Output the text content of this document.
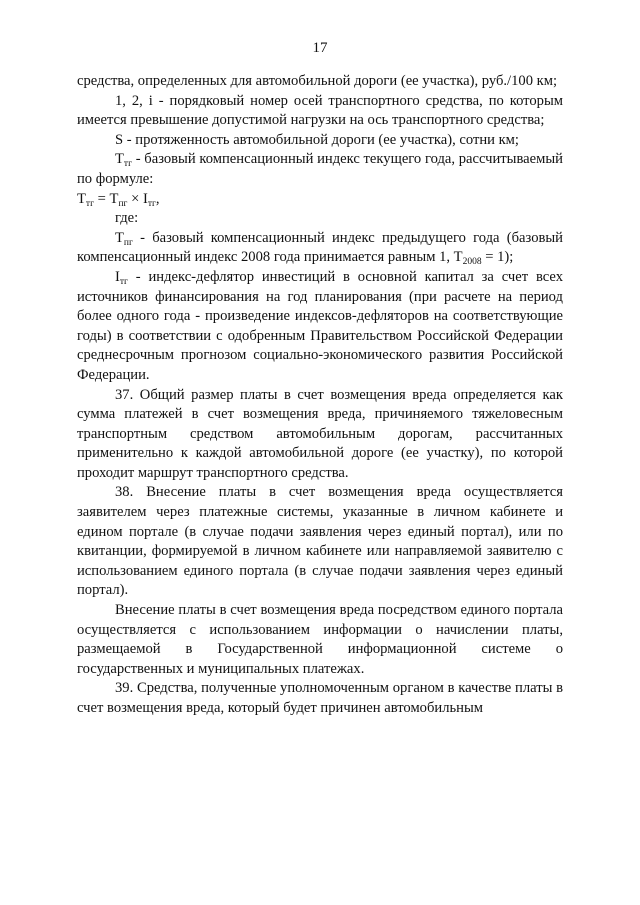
17

средства, определенных для автомобильной дороги (ее участка), руб./100 км;

1, 2, i - порядковый номер осей транспортного средства, по которым имеется превышение допустимой нагрузки на ось транспортного средства;

S - протяженность автомобильной дороги (ее участка), сотни км;

$T_{тг}$ - базовый компенсационный индекс текущего года, рассчитываемый по формуле:

$T_{тг} = T_{пг} \times I_{тг}$,

где:

$T_{пг}$ - базовый компенсационный индекс предыдущего года (базовый компенсационный индекс 2008 года принимается равным 1, $T_{2008} = 1$);

$I_{тг}$ - индекс-дефлятор инвестиций в основной капитал за счет всех источников финансирования на год планирования (при расчете на период более одного года - произведение индексов-дефляторов на соответствующие годы) в соответствии с одобренным Правительством Российской Федерации среднесрочным прогнозом социально-экономического развития Российской Федерации.

37. Общий размер платы в счет возмещения вреда определяется как сумма платежей в счет возмещения вреда, причиняемого тяжеловесным транспортным средством автомобильным дорогам, рассчитанных применительно к каждой автомобильной дороге (ее участку), по которой проходит маршрут транспортного средства.

38. Внесение платы в счет возмещения вреда осуществляется заявителем через платежные системы, указанные в личном кабинете и едином портале (в случае подачи заявления через единый портал), или по квитанции, формируемой в личном кабинете или направляемой заявителю с использованием единого портала (в случае подачи заявления через единый портал).

Внесение платы в счет возмещения вреда посредством единого портала осуществляется с использованием информации о начислении платы, размещаемой в Государственной информационной системе о государственных и муниципальных платежах.

39. Средства, полученные уполномоченным органом в качестве платы в счет возмещения вреда, который будет причинен автомобильным
